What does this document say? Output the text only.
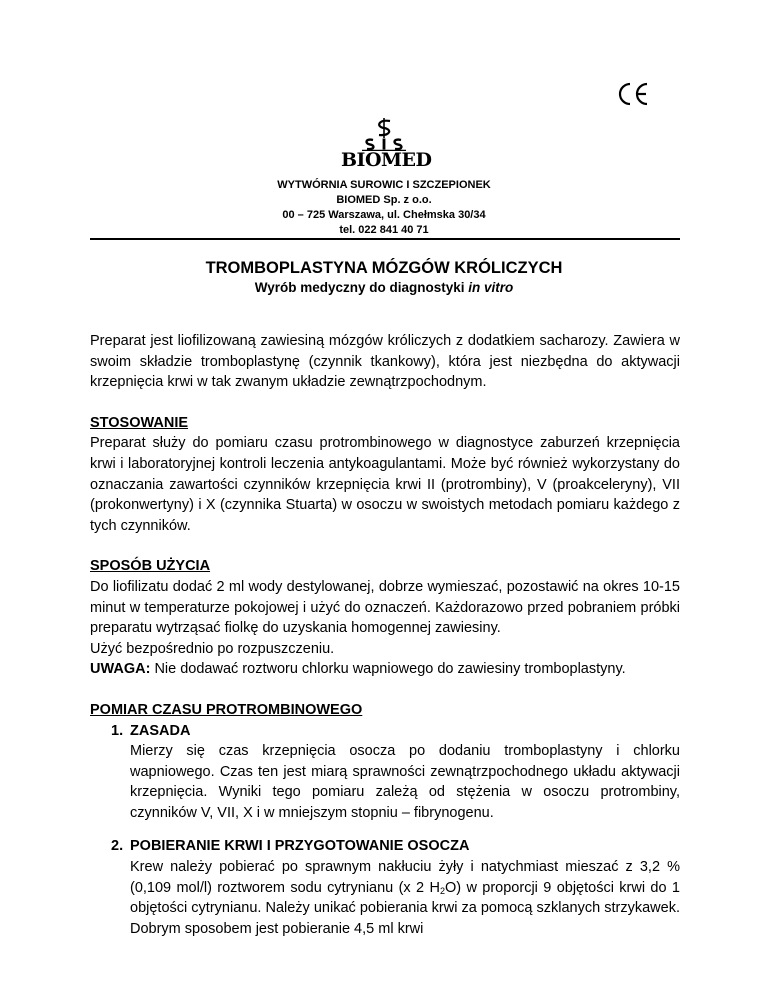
BIOMED
WYTWÓRNIA SUROWIC I SZCZEPIONEK
BIOMED Sp. z o.o.
00 – 725 Warszawa, ul. Chełmska 30/34
tel. 022 841 40 71
TROMBOPLASTYNA MÓZGÓW KRÓLICZYCH
Wyrób medyczny do diagnostyki in vitro

Preparat jest liofilizowaną zawiesiną mózgów króliczych z dodatkiem sacharozy. Zawiera w swoim składzie tromboplastynę (czynnik tkankowy), która jest niezbędna do aktywacji krzepnięcia krwi w tak zwanym układzie zewnątrzpochodnym.

STOSOWANIE

Preparat służy do pomiaru czasu protrombinowego w diagnostyce zaburzeń krzepnięcia krwi i laboratoryjnej kontroli leczenia antykoagulantami. Może być również wykorzystany do oznaczania zawartości czynników krzepnięcia krwi II (protrombiny), V (proakceleryny), VII (prokonwertyny) i X (czynnika Stuarta) w osoczu w swoistych metodach pomiaru każdego z tych czynników.

SPOSÓB UŻYCIA

Do liofilizatu dodać 2 ml wody destylowanej, dobrze wymieszać, pozostawić na okres 10-15 minut w temperaturze pokojowej i użyć do oznaczeń. Każdorazowo przed pobraniem próbki preparatu wytrząsać fiolkę do uzyskania homogennej zawiesiny.

Użyć bezpośrednio po rozpuszczeniu.

UWAGA: Nie dodawać roztworu chlorku wapniowego do zawiesiny tromboplastyny.

POMIAR CZASU PROTROMBINOWEGO
1. ZASADA

Mierzy się czas krzepnięcia osocza po dodaniu tromboplastyny i chlorku wapniowego. Czas ten jest miarą sprawności zewnątrzpochodnego układu aktywacji krzepnięcia. Wyniki tego pomiaru zależą od stężenia w osoczu protrombiny, czynników V, VII, X i w mniejszym stopniu – fibrynogenu.

2. POBIERANIE KRWI I PRZYGOTOWANIE OSOCZA

Krew należy pobierać po sprawnym nakłuciu żyły i natychmiast mieszać z 3,2 % (0,109 mol/l) roztworem sodu cytrynianu (x 2 $H_2O$) w proporcji 9 objętości krwi do 1 objętości cytrynianu. Należy unikać pobierania krwi za pomocą szklanych strzykawek. Dobrym sposobem jest pobieranie 4,5 ml krwi
